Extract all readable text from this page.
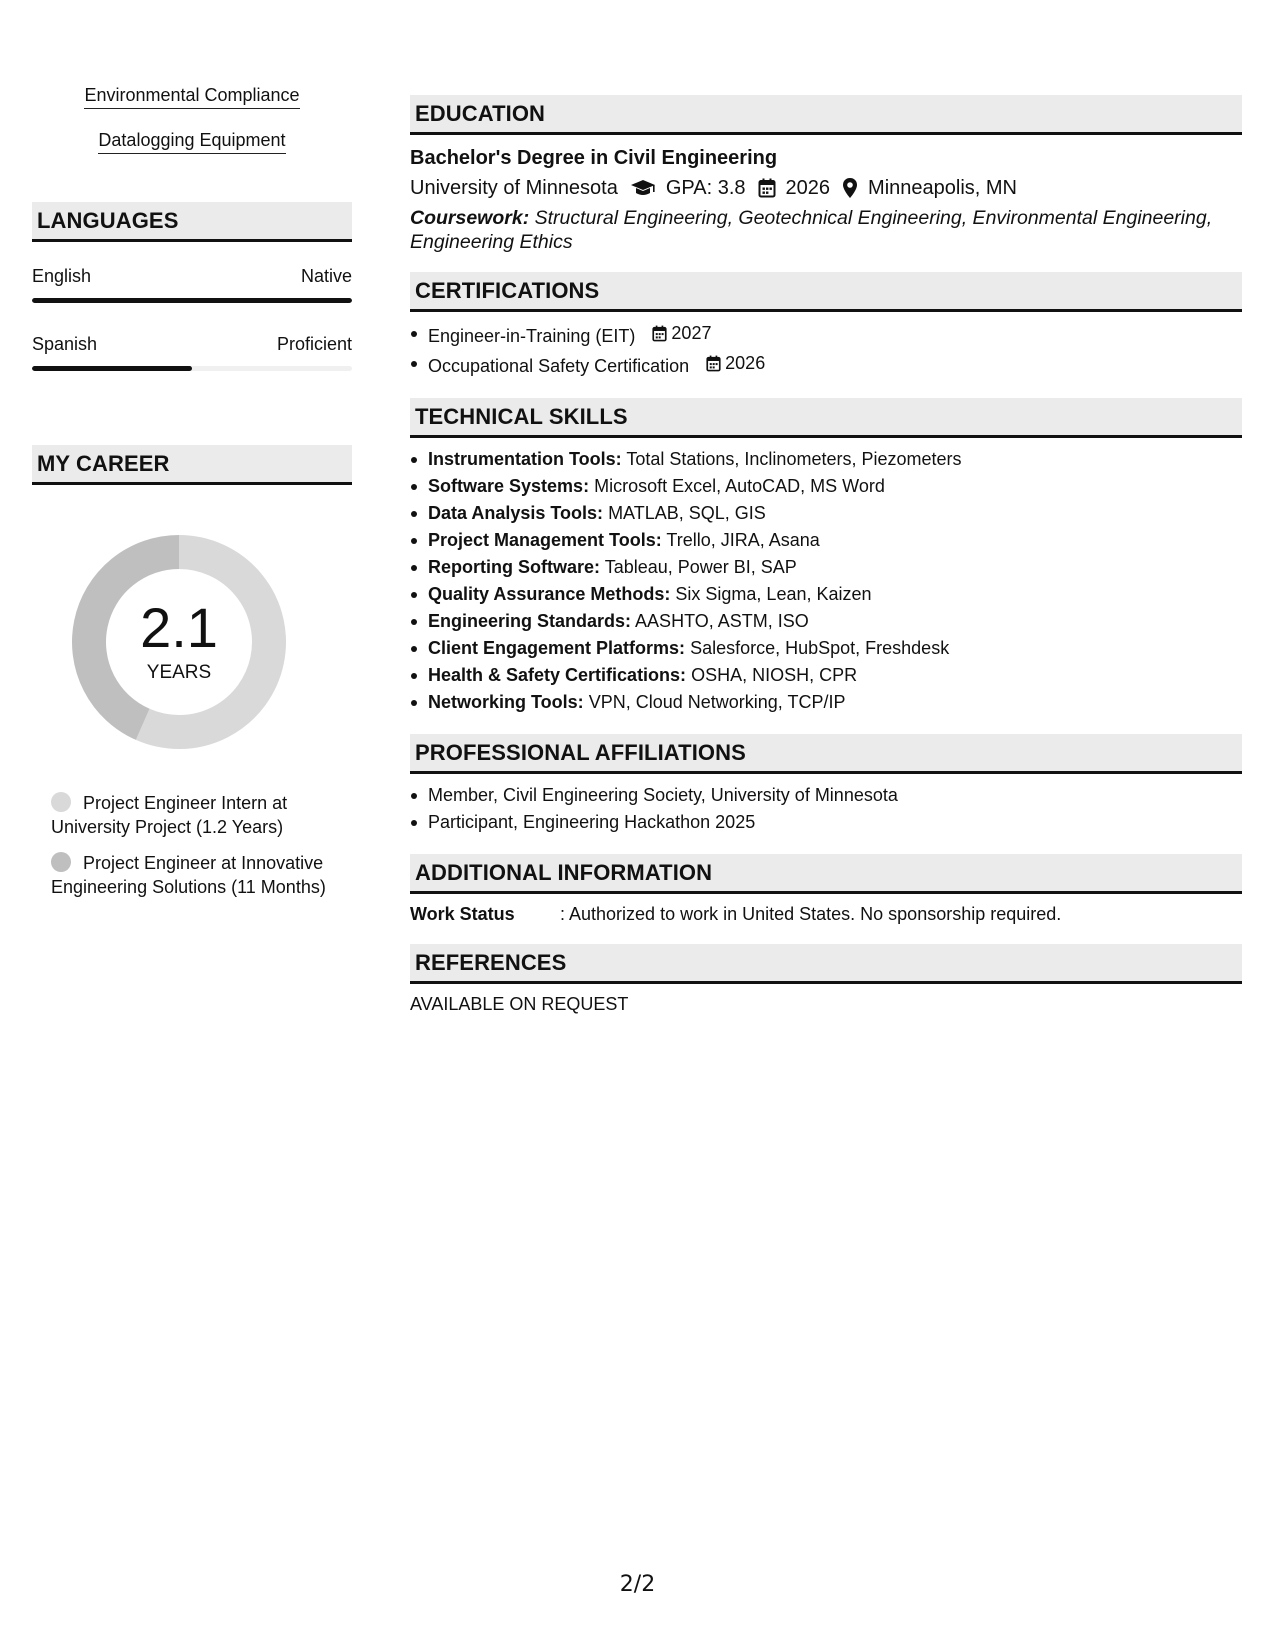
Environmental Compliance
Datalogging Equipment
LANGUAGES
English	Native
Spanish	Proficient
MY CAREER
2.1
YEARS
Project Engineer Intern at University Project (1.2 Years)
Project Engineer at Innovative Engineering Solutions (11 Months)
EDUCATION
Bachelor's Degree in Civil Engineering
University of Minnesota GPA: 3.8 2026 Minneapolis, MN
Coursework: Structural Engineering, Geotechnical Engineering, Environmental Engineering, Engineering Ethics
CERTIFICATIONS
Engineer-in-Training (EIT) 2027
Occupational Safety Certification 2026
TECHNICAL SKILLS
Instrumentation Tools: Total Stations, Inclinometers, Piezometers
Software Systems: Microsoft Excel, AutoCAD, MS Word
Data Analysis Tools: MATLAB, SQL, GIS
Project Management Tools: Trello, JIRA, Asana
Reporting Software: Tableau, Power BI, SAP
Quality Assurance Methods: Six Sigma, Lean, Kaizen
Engineering Standards: AASHTO, ASTM, ISO
Client Engagement Platforms: Salesforce, HubSpot, Freshdesk
Health & Safety Certifications: OSHA, NIOSH, CPR
Networking Tools: VPN, Cloud Networking, TCP/IP
PROFESSIONAL AFFILIATIONS
Member, Civil Engineering Society, University of Minnesota
Participant, Engineering Hackathon 2025
ADDITIONAL INFORMATION
Work Status	: Authorized to work in United States. No sponsorship required.
REFERENCES
AVAILABLE ON REQUEST
2/2
